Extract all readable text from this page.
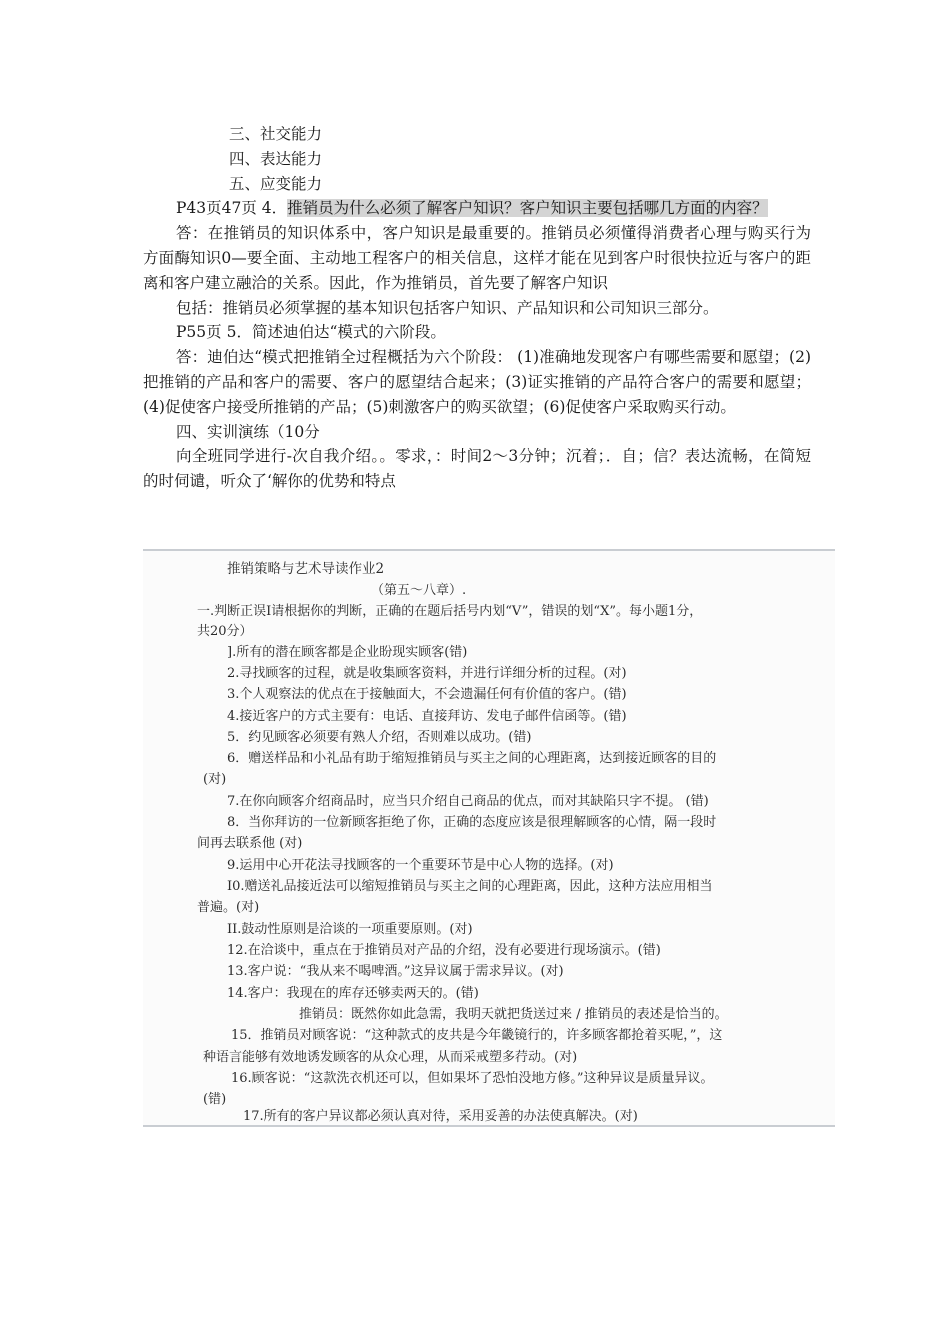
三、社交能力

四、表达能力

五、应变能力

P43页47页 4．推销员为什么必须了解客户知识？客户知识主要包括哪几方面的内容？

答：在推销员的知识体系中，客户知识是最重要的。推销员必须懂得消费者心理与购买行为方面酶知识0—要全面、主动地工程客户的相关信息，这样才能在见到客户时很快拉近与客户的距离和客户建立融洽的关系。因此，作为推销员，首先要了解客户知识

包括：推销员必须掌握的基本知识包括客户知识、产品知识和公司知识三部分。

P55页 5．简述迪伯达“模式的六阶段。

答：迪伯达“模式把推销全过程概括为六个阶段： (1)准确地发现客户有哪些需要和愿望；(2)把推销的产品和客户的需要、客户的愿望结合起来；(3)证实推销的产品符合客户的需要和愿望；(4)促使客户接受所推销的产品；(5)刺激客户的购买欲望；(6)促使客户采取购买行动。

四、实训演练（10分

向全班同学进行-次自我介绍。。零求，：时间2～3分钟；沉着；．自；信？表达流畅，在简短的时伺谴，听众了‘解你的优势和特点

推销策略与艺术导读作业2
（第五～八章）.
一.判断正误I请根据你的判断，正确的在题后括号内划“V”，错误的划“X”。每小题1分，
共20分）
].所有的潜在顾客都是企业盼现实顾客(错)
2.寻找顾客的过程，就是收集顾客资料，并进行详细分析的过程。(对)
3.个人观察法的优点在于接触面大，不会遗漏任何有价值的客户。(错)
4.接近客户的方式主要有：电话、直接拜访、发电子邮件信函等。(错)
5．约见顾客必须要有熟人介绍，否则难以成功。(错)
6．赠送样品和小礼品有助于缩短推销员与买主之间的心理距离，达到接近顾客的目的
(对)
7.在你向顾客介绍商品时，应当只介绍自己商品的优点，而对其缺陷只字不提。 (错)
8．当你拜访的一位新顾客拒绝了你，正确的态度应该是很理解顾客的心情，隔一段时
间再去联系他 (对)
9.运用中心开花法寻找顾客的一个重要环节是中心人物的选择。(对)
I0.赠送礼品接近法可以缩短推销员与买主之间的心理距离，因此，这种方法应用相当
普遍。(对)
II.鼓动性原则是洽谈的一项重要原则。(对)
12.在洽谈中，重点在于推销员对产品的介绍，没有必要进行现场演示。(错)
13.客户说：“我从来不喝啤酒。”这异议属于需求异议。(对)
14.客户：我现在的库存还够卖两天的。(错)
推销员：既然你如此急需，我明天就把货送过来 / 推销员的表述是恰当的。
15．推销员对顾客说：“这种款式的皮共是今年畿镜行的，许多顾客都抢着买呢，”，这
种语言能够有效地诱发顾客的从众心理，从而采戒塑多荇动。(对)
16.顾客说：“这款洗衣机还可以，但如果坏了恐怕没地方修。”这种异议是质量异议。
(错)
17.所有的客户异议都必须认真对待，采用妥善的办法使真解决。(对)
